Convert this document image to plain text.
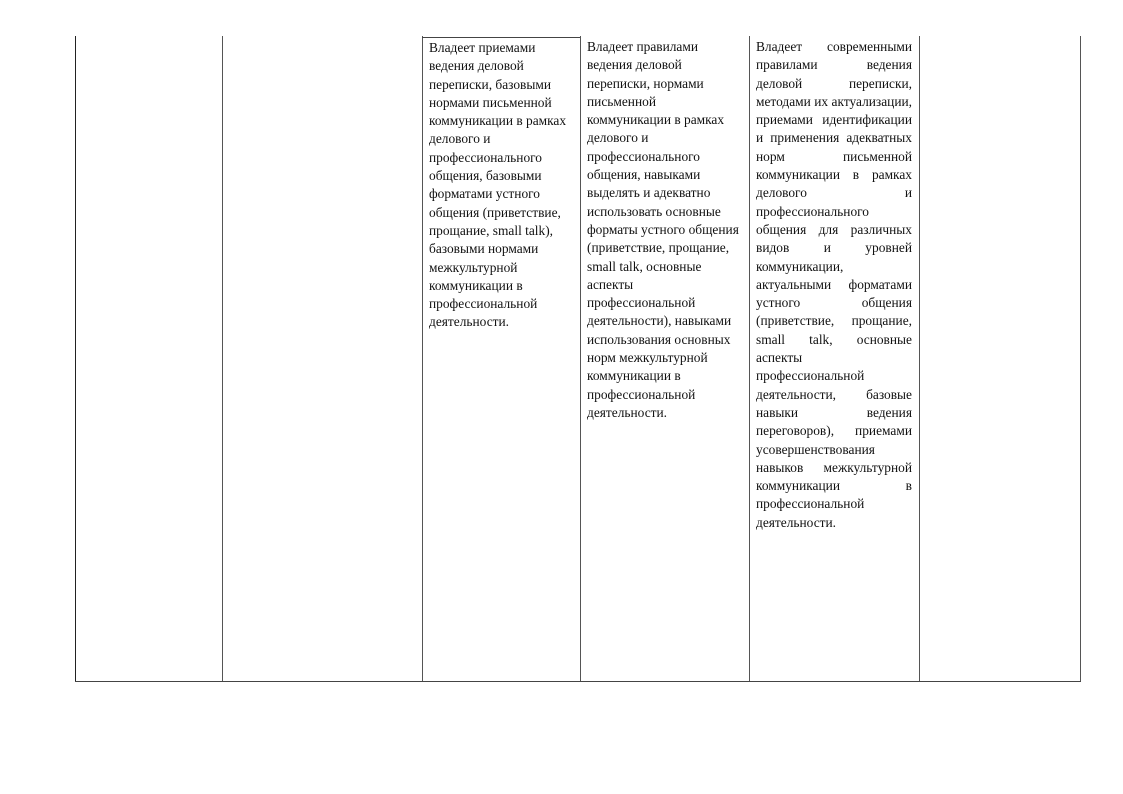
Владеет приемами ведения деловой переписки, базовыми нормами письменной коммуникации в рамках делового и профессионального общения, базовыми форматами устного общения (приветствие, прощание, small talk), базовыми нормами межкультурной коммуникации в профессиональной деятельности.
Владеет правилами ведения деловой переписки, нормами письменной коммуникации в рамках делового и профессионального общения, навыками выделять и адекватно использовать основные форматы устного общения (приветствие, прощание, small talk, основные аспекты профессиональной деятельности), навыками использования основных норм межкультурной коммуникации в профессиональной деятельности.
Владеет современными правилами ведения деловой переписки, методами их актуализации, приемами идентификации и применения адекватных норм письменной коммуникации в рамках делового и профессионального общения для различных видов и уровней коммуникации, актуальными форматами устного общения (приветствие, прощание, small talk, основные аспекты профессиональной деятельности, базовые навыки ведения переговоров), приемами усовершенствования навыков межкультурной коммуникации в профессиональной деятельности.
